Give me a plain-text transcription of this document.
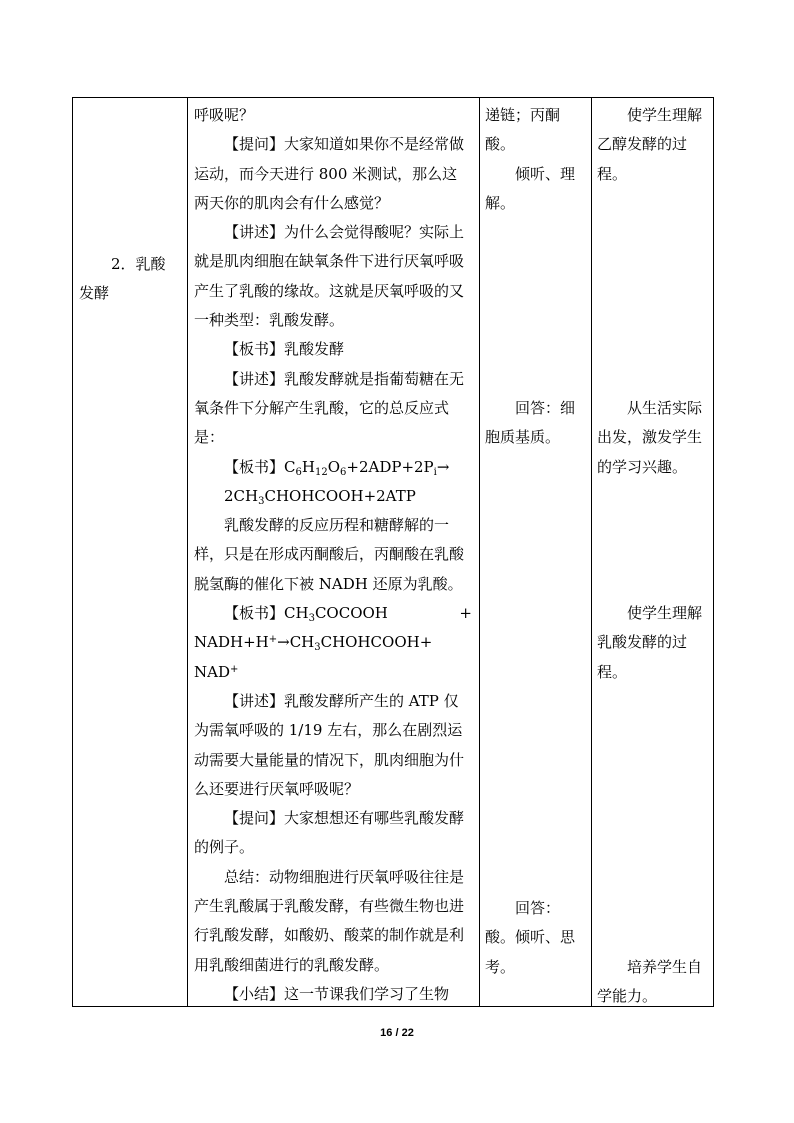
2．乳酸

发酵

呼吸呢？

【提问】大家知道如果你不是经常做运动，而今天进行 800 米测试，那么这两天你的肌肉会有什么感觉？

【讲述】为什么会觉得酸呢？实际上就是肌肉细胞在缺氧条件下进行厌氧呼吸产生了乳酸的缘故。这就是厌氧呼吸的又一种类型：乳酸发酵。

【板书】乳酸发酵

【讲述】乳酸发酵就是指葡萄糖在无氧条件下分解产生乳酸，它的总反应式是：

【板书】$C_6H_{12}O_6+2ADP+2P_i\to$

$2CH_3CHOHCOOH+2ATP$

乳酸发酵的反应历程和糖酵解的一样，只是在形成丙酮酸后，丙酮酸在乳酸脱氢酶的催化下被 NADH 还原为乳酸。

【板书】$CH_3COCOOH$	+

$NADH+H^+\to CH_3CHOHCOOH+ NAD^+$

【讲述】乳酸发酵所产生的 ATP 仅为需氧呼吸的 1/19 左右，那么在剧烈运动需要大量能量的情况下，肌肉细胞为什么还要进行厌氧呼吸呢？

【提问】大家想想还有哪些乳酸发酵的例子。

总结：动物细胞进行厌氧呼吸往往是产生乳酸属于乳酸发酵，有些微生物也进行乳酸发酵，如酸奶、酸菜的制作就是利用乳酸细菌进行的乳酸发酵。

【小结】这一节课我们学习了生物

递链；丙酮酸。

倾听、理解。

回答：细胞质基质。

回答：

酸。倾听、思考。

使学生理解乙醇发酵的过程。

从生活实际出发，激发学生的学习兴趣。

使学生理解乳酸发酵的过程。

培养学生自学能力。

16 / 22
